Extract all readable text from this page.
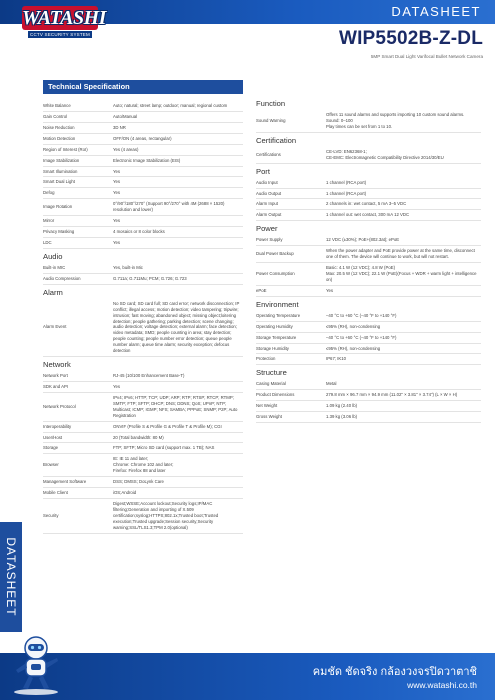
WATASHI
CCTV SECURITY SYSTEM
DATASHEET
WIP5502B-Z-DL
5MP Smart Dual Light Varifocal Bullet Network Camera
Technical Specification
White Balance	Auto; natural; street lamp; outdoor; manual; regional custom
Gain Control	Auto/Manual
Noise Reduction	3D NR
Motion Detection	OFF/ON (4 areas, rectangular)
Region of Interest (RoI)	Yes (4 areas)
Image Stabilization	Electronic Image Stabilization (EIS)
Smart Illumination	Yes
Smart Dual Light	Yes
Defog	Yes
Image Rotation	0°/90°/180°/270° (Support 90°/270° with 4M (2688 × 1520) resolution and lower)
Mirror	Yes
Privacy Masking	4 mosaics or 8 color blocks
LDC	Yes
Audio
Built-in MIC	Yes, built-in Mic
Audio Compression	G.711a; G.711Mu; PCM; G.726; G.723
Alarm
Alarm Event	No SD card; SD card full; SD card error; network disconnection; IP conflict; illegal access; motion detection; video tampering; tripwire; intrusion; fast moving; abandoned object; missing object;loitering detection; people gathering; parking detection; scene changing; audio detection; voltage detection; external alarm; face detection; video metadata; SMD; people counting in area; stay detection; people counting; people number error detection; queue people number alarm; queue time alarm; security exception; defocus detection
Network
Network Port	RJ-45 (10/100 Enhancement Base-T)
SDK and API	Yes
Network Protocol	IPv4; IPv6; HTTP; TCP; UDP; ARP; RTP; RTSP; RTCP; RTMP; SMTP; FTP; SFTP; DHCP; DNS; DDNS; QoS; UPnP; NTP; Multicast; ICMP; IGMP; NFS; SAMBA; PPPoE; SNMP; P2P; Auto Registration
Interoperability	ONVIF (Profile S & Profile G & Profile T & Profile M); CGI
User/Host	20 (Total bandwidth: 80 M)
Storage	FTP; SFTP; Micro SD card (support max. 1 TB); NAS
Browser	IE: IE 11 and later;
Chrome: Chrome 102 and later;
Firefox: Firefox 88 and later
Management Software	DSS; DMSS; DoLynk Care
Mobile Client	iOS;Android
Security	Digest;WSSE;Account lockout;Security logs;IP/MAC filtering;Generation and importing of X.509 certification;syslog;HTTPS;802.1x;Trusted boot;Trusted execution;Trusted upgrade;Session security;Security warning;SSL/TLS1.3;TPM 2.0(optional)
Function
Sound Warning	Offers 11 sound alarms and supports importing 10 custom sound alarms.
Sound: 0–100
Play times can be set from 1 to 10.
Certification
Certifications	CE-LVD: EN62368-1;
CE-EMC: Electromagnetic Compatibility Directive 2014/30/EU
Port
Audio Input	1 channel (RCA port)
Audio Output	1 channel (RCA port)
Alarm Input	2 channels in: wet contact, 5 mA 3–5 VDC
Alarm Output	1 channel out: wet contact, 300 mA 12 VDC
Power
Power Supply	12 VDC (±30%); PoE+(802.3at); ePoE
Dual Power Backup	When the power adapter and PoE provide power at the same time, disconnect one of them. The device will continue to work, but will not restart.
Power Consumption	Basic: 4.1 W (12 VDC); 4.8 W (PoE)
Max: 20.5 W (12 VDC); 22.1 W (PoE)(Focus + WDR + warm light + intelligence on)
ePoE	Yes
Environment
Operating Temperature	–40 °C to +60 °C (–40 °F to +140 °F)
Operating Humidity	≤95% (RH), non-condensing
Storage Temperature	–40 °C to +60 °C (–40 °F to +140 °F)
Storage Humidity	≤95% (RH), non-condensing
Protection	IP67; IK10
Structure
Casing Material	Metal
Product Dimensions	279.8 mm × 96.7 mm × 94.9 mm (11.02" × 3.81" × 3.74") (L × W × H)
Net Weight	1.09 kg (2.40 lb)
Gross Weight	1.39 kg (3.06 lb)
DATASHEET
คมชัด ชัดจริง กล้องวงจรปิดวาตาชิ
www.watashi.co.th
